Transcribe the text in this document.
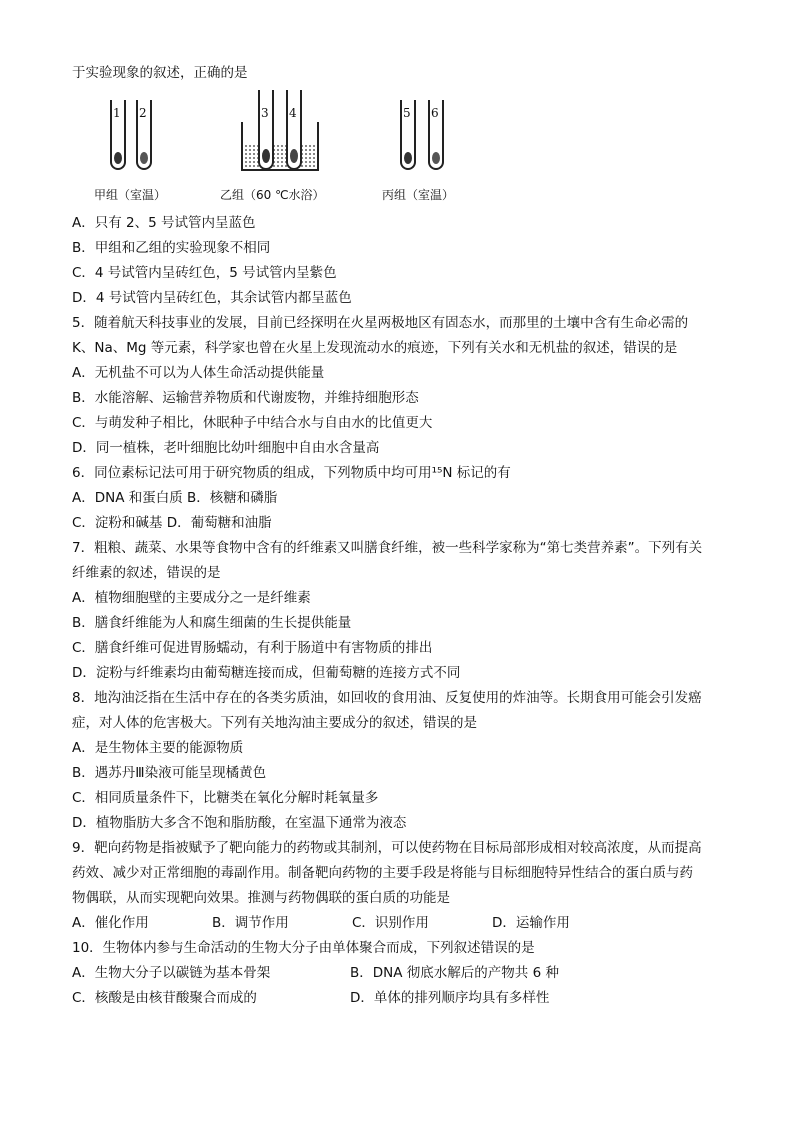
于实验现象的叙述，正确的是
1 2
甲组（室温）
3 4
乙组（60 ℃水浴）
5 6
丙组（室温）
A．只有 2、5 号试管内呈蓝色
B．甲组和乙组的实验现象不相同
C．4 号试管内呈砖红色，5 号试管内呈紫色
D．4 号试管内呈砖红色，其余试管内都呈蓝色
5．随着航天科技事业的发展，目前已经探明在火星两极地区有固态水，而那里的土壤中含有生命必需的
K、Na、Mg 等元素，科学家也曾在火星上发现流动水的痕迹，下列有关水和无机盐的叙述，错误的是
A．无机盐不可以为人体生命活动提供能量
B．水能溶解、运输营养物质和代谢废物，并维持细胞形态
C．与萌发种子相比，休眠种子中结合水与自由水的比值更大
D．同一植株，老叶细胞比幼叶细胞中自由水含量高
6．同位素标记法可用于研究物质的组成，下列物质中均可用¹⁵N 标记的有
A．DNA 和蛋白质 B．核糖和磷脂
C．淀粉和碱基 D．葡萄糖和油脂
7．粗粮、蔬菜、水果等食物中含有的纤维素又叫膳食纤维，被一些科学家称为“第七类营养素”。下列有关
纤维素的叙述，错误的是
A．植物细胞壁的主要成分之一是纤维素
B．膳食纤维能为人和腐生细菌的生长提供能量
C．膳食纤维可促进胃肠蠕动，有利于肠道中有害物质的排出
D．淀粉与纤维素均由葡萄糖连接而成，但葡萄糖的连接方式不同
8．地沟油泛指在生活中存在的各类劣质油，如回收的食用油、反复使用的炸油等。长期食用可能会引发癌
症，对人体的危害极大。下列有关地沟油主要成分的叙述，错误的是
A．是生物体主要的能源物质
B．遇苏丹Ⅲ染液可能呈现橘黄色
C．相同质量条件下，比糖类在氧化分解时耗氧量多
D．植物脂肪大多含不饱和脂肪酸，在室温下通常为液态
9．靶向药物是指被赋予了靶向能力的药物或其制剂，可以使药物在目标局部形成相对较高浓度，从而提高
药效、减少对正常细胞的毒副作用。制备靶向药物的主要手段是将能与目标细胞特异性结合的蛋白质与药
物偶联，从而实现靶向效果。推测与药物偶联的蛋白质的功能是
A．催化作用	B．调节作用	C．识别作用	D．运输作用
10．生物体内参与生命活动的生物大分子由单体聚合而成，下列叙述错误的是
A．生物大分子以碳链为基本骨架	B．DNA 彻底水解后的产物共 6 种
C．核酸是由核苷酸聚合而成的	D．单体的排列顺序均具有多样性
